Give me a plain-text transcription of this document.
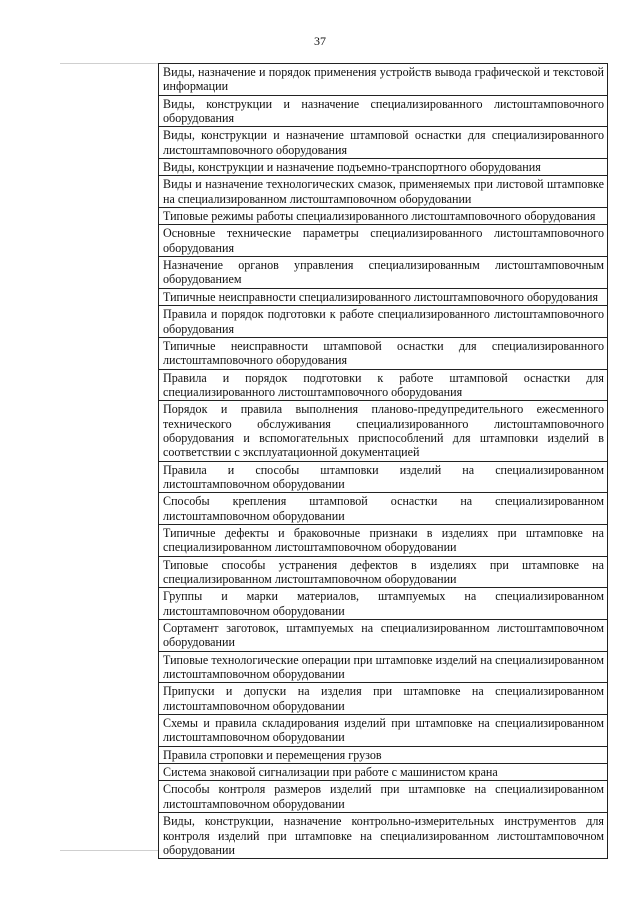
37
Виды, назначение и порядок применения устройств вывода графической и текстовой информации
Виды, конструкции и назначение специализированного листоштамповочного оборудования
Виды, конструкции и назначение штамповой оснастки для специализированного листоштамповочного оборудования
Виды, конструкции и назначение подъемно-транспортного оборудования
Виды и назначение технологических смазок, применяемых при листовой штамповке на специализированном листоштамповочном оборудовании
Типовые режимы работы специализированного листоштамповочного оборудования
Основные технические параметры специализированного листоштамповочного оборудования
Назначение органов управления специализированным листоштамповочным оборудованием
Типичные неисправности специализированного листоштамповочного оборудования
Правила и порядок подготовки к работе специализированного листоштамповочного оборудования
Типичные неисправности штамповой оснастки для специализированного листоштамповочного оборудования
Правила и порядок подготовки к работе штамповой оснастки для специализированного листоштамповочного оборудования
Порядок и правила выполнения планово-предупредительного ежесменного технического обслуживания специализированного листоштамповочного оборудования и вспомогательных приспособлений для штамповки изделий в соответствии с эксплуатационной документацией
Правила и способы штамповки изделий на специализированном листоштамповочном оборудовании
Способы крепления штамповой оснастки на специализированном листоштамповочном оборудовании
Типичные дефекты и браковочные признаки в изделиях при штамповке на специализированном листоштамповочном оборудовании
Типовые способы устранения дефектов в изделиях при штамповке на специализированном листоштамповочном оборудовании
Группы и марки материалов, штампуемых на специализированном листоштамповочном оборудовании
Сортамент заготовок, штампуемых на специализированном листоштамповочном оборудовании
Типовые технологические операции при штамповке изделий на специализированном листоштамповочном оборудовании
Припуски и допуски на изделия при штамповке на специализированном листоштамповочном оборудовании
Схемы и правила складирования изделий при штамповке на специализированном листоштамповочном оборудовании
Правила строповки и перемещения грузов
Система знаковой сигнализации при работе с машинистом крана
Способы контроля размеров изделий при штамповке на специализированном листоштамповочном оборудовании
Виды, конструкции, назначение контрольно-измерительных инструментов для контроля изделий при штамповке на специализированном листоштамповочном оборудовании
